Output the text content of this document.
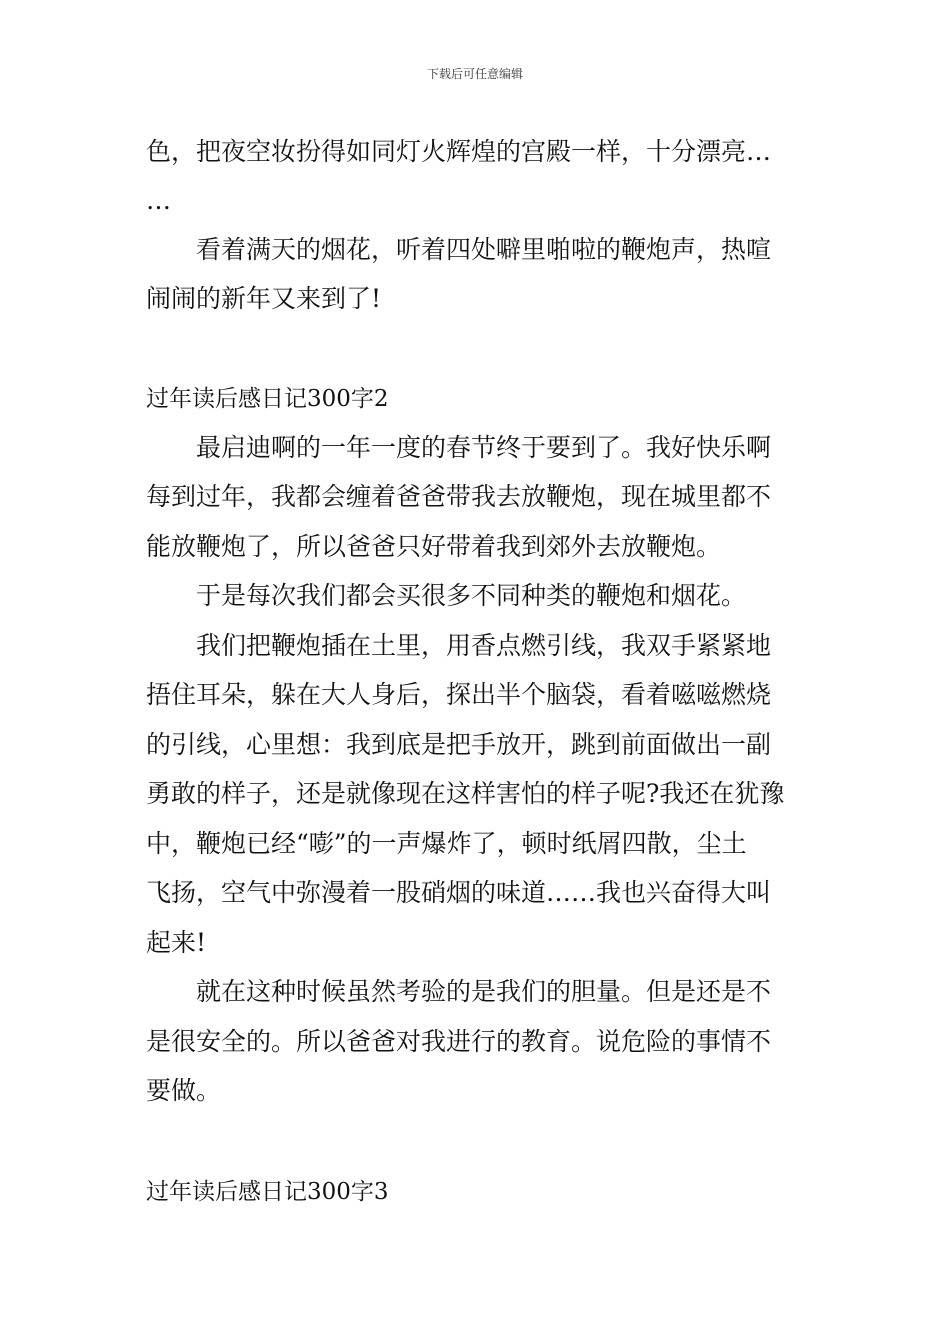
下载后可任意编辑
色，把夜空妆扮得如同灯火辉煌的宫殿一样，十分漂亮…
…
看着满天的烟花，听着四处噼里啪啦的鞭炮声，热喧
闹闹的新年又来到了!
过年读后感日记300字2
最启迪啊的一年一度的春节终于要到了。我好快乐啊
每到过年，我都会缠着爸爸带我去放鞭炮，现在城里都不
能放鞭炮了，所以爸爸只好带着我到郊外去放鞭炮。
于是每次我们都会买很多不同种类的鞭炮和烟花。
我们把鞭炮插在土里，用香点燃引线，我双手紧紧地
捂住耳朵，躲在大人身后，探出半个脑袋，看着嗞嗞燃烧
的引线，心里想：我到底是把手放开，跳到前面做出一副
勇敢的样子，还是就像现在这样害怕的样子呢?我还在犹豫
中，鞭炮已经“嘭”的一声爆炸了，顿时纸屑四散，尘土
飞扬，空气中弥漫着一股硝烟的味道……我也兴奋得大叫
起来!
就在这种时候虽然考验的是我们的胆量。但是还是不
是很安全的。所以爸爸对我进行的教育。说危险的事情不
要做。
过年读后感日记300字3
